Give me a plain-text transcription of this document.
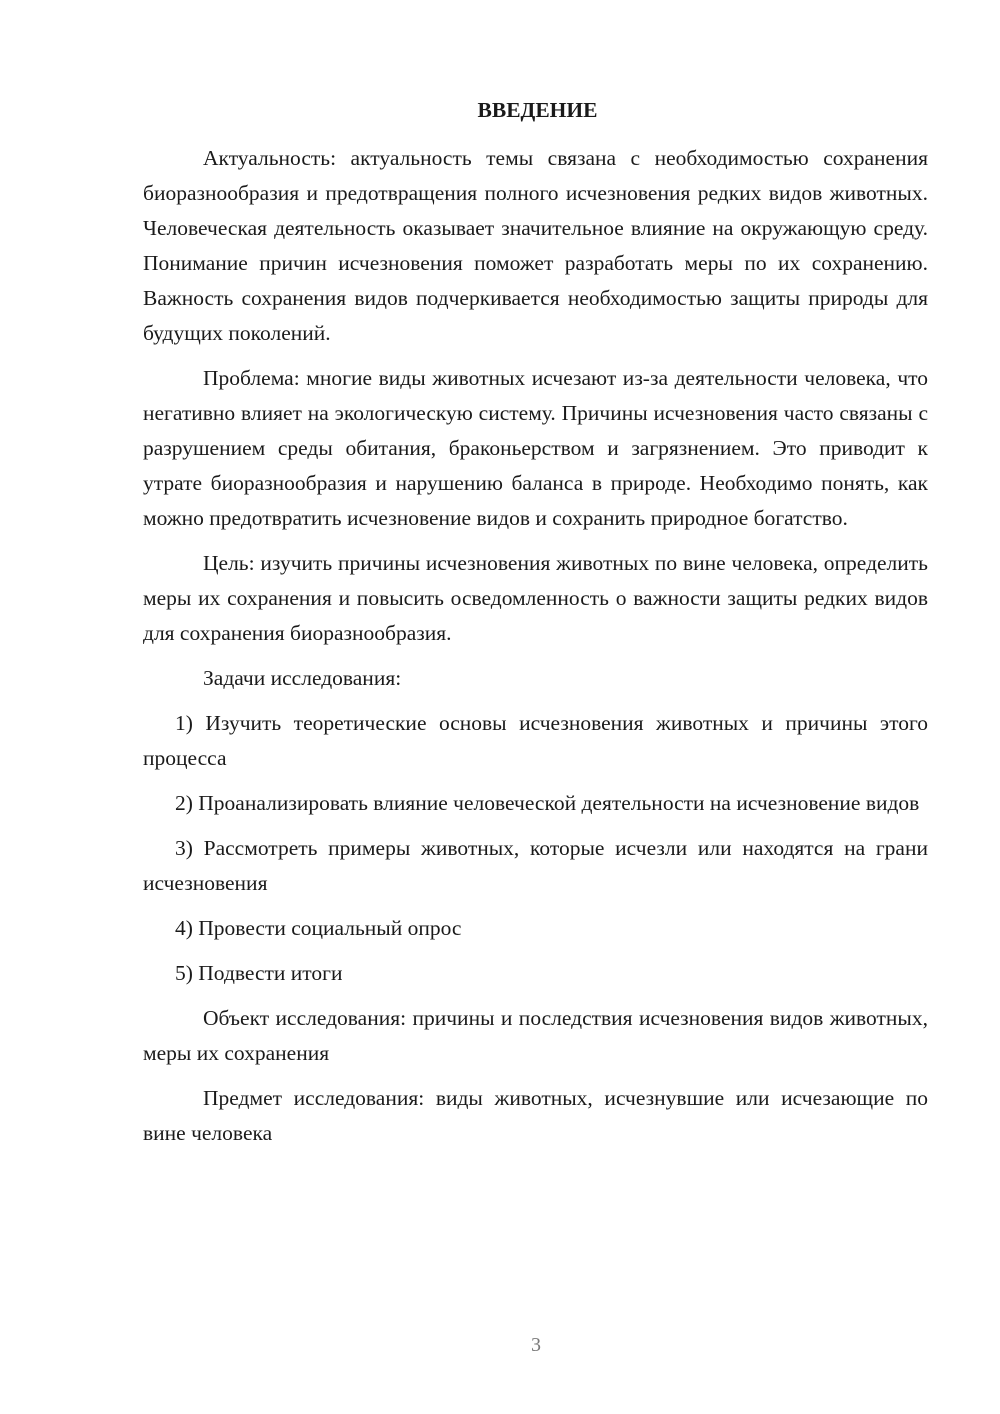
ВВЕДЕНИЕ

Актуальность: актуальность темы связана с необходимостью сохранения биоразнообразия и предотвращения полного исчезновения редких видов животных. Человеческая деятельность оказывает значительное влияние на окружающую среду. Понимание причин исчезновения поможет разработать меры по их сохранению. Важность сохранения видов подчеркивается необходимостью защиты природы для будущих поколений.

Проблема: многие виды животных исчезают из-за деятельности человека, что негативно влияет на экологическую систему. Причины исчезновения часто связаны с разрушением среды обитания, браконьерством и загрязнением. Это приводит к утрате биоразнообразия и нарушению баланса в природе. Необходимо понять, как можно предотвратить исчезновение видов и сохранить природное богатство.

Цель: изучить причины исчезновения животных по вине человека, определить меры их сохранения и повысить осведомленность о важности защиты редких видов для сохранения биоразнообразия.

Задачи исследования:

1) Изучить теоретические основы исчезновения животных и причины этого процесса

2) Проанализировать влияние человеческой деятельности на исчезновение видов

3) Рассмотреть примеры животных, которые исчезли или находятся на грани исчезновения

4) Провести социальный опрос

5) Подвести итоги

Объект исследования: причины и последствия исчезновения видов животных, меры их сохранения

Предмет исследования: виды животных, исчезнувшие или исчезающие по вине человека

3
